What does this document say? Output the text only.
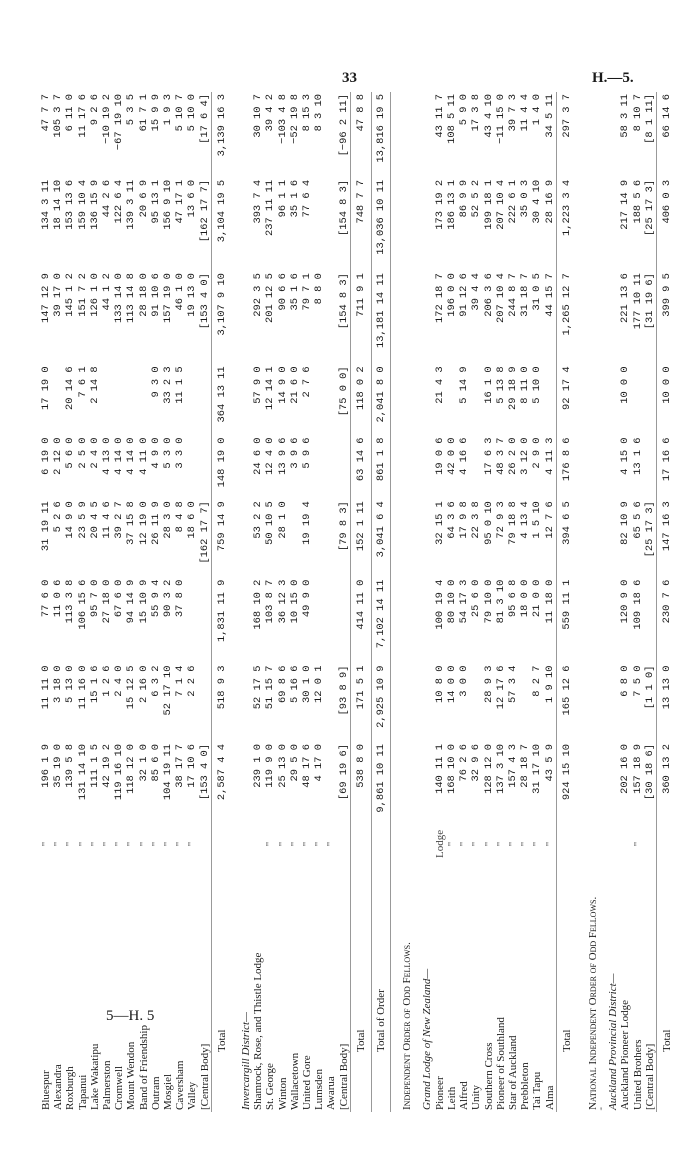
33	H.—5.
5—H. 5
'
Bluespur	"	196 1 9	11 11 0	77 6 0	31 19 11	6 19 0	17 19 0	147 12 9	134 3 11	47 7 7
Alexandra	"	35 19 0	3 18 0	11 0 6	5 2 6	2 12 0		39 17 0	18 14 10	105 3 7
Roxburgh	"	139 5 8	5 13 0	113 3 8	14 9 0	5 6 0	20 14 6	145 1 2	153 13 6	6 11 0
Tapanui	"	131 14 10	11 16 0	106 15 6	23 5 9	2 5 0	7 6 1	151 7 2	159 10 4	11 17 6
Lake Wakatipu	"	111 1 5	15 1 6	95 7 0	20 4 5	2 4 0	2 14 8	126 1 0	136 15 9	9 2 6
Palmerston	"	42 19 2	1 2 6	27 18 0	11 4 6	4 13 0		44 1 2	44 2 6	−10 19 2
Cromwell	"	119 16 10	2 4 0	67 6 0	39 2 7	4 14 0		133 14 0	122 6 4	−67 19 10
Mount Wendon	"	118 12 0	15 12 5	94 14 9	37 15 8	4 14 0		113 14 8	139 3 11	5 3 5
Band of Friendship	"	32 1 0	2 16 0	15 10 9	12 19 0	4 11 0		28 18 0	20 6 9	61 7 1
Outram	"	85 6 0	6 3 2	55 9 4	26 11 9	4 9 0	9 3 0	91 10 6	95 13 1	15 9 9
Mosgiel	"	104 19 11	52 17 10	90 3 2	28 3 0	5 3 0	33 2 3	157 19 0	156 9 10	1 9 3
Caversham	"	38 17 7	7 1 4	37 8 0	8 4 8	3 3 0	11 1 5	46 1 0	47 17 1	5 10 7
Valley	"	17 10 6	2 2 6		18 6 0			19 13 0	13 6 0	5 10 0
[Central Body]		[153 4 0]			[162 17 7]			[153 4 0]	[162 17 7]	[17 6 4]
Total		2,587 4 4	518 9 3	1,831 11 9	759 14 9	148 19 0	364 13 11	3,107 9 10	3,104 19 5	3,139 16 3
Invercargill District—										
Shamrock, Rose, and Thistle Lodge		239 1 0	52 17 5	168 10 2	53 2 2	24 6 0	57 9 0	292 3 5	393 7 4	30 10 7
St. George	"	119 9 0	51 15 7	103 8 7	50 10 5	12 4 0	12 14 1	201 12 5	237 11 11	39 4 2
Winton	"	25 13 0	69 8 6	36 12 3	28 1 0	13 9 6	14 9 0	90 6 6	96 1 1	−103 4 8
Wallacetown	"	29 5 0	5 16 6	10 15 0		3 9 6	21 6 0	35 1 6	35 1 6	−52 19 8
United Gore	"	48 17 6	30 1 0	49 9 0	19 19 4	5 9 6	2 7 6	79 7 1	77 6 4	8 15 3
Lumsden	"	4 17 0	12 0 1					8 8 0		8 3 10
Awarua	"									
[Central Body]		[69 19 6]	[93 8 9]		[79 8 3]		[75 0 0]	[154 8 3]	[154 8 3]	[−96 2 11]
Total		538 8 0	171 5 1	414 11 0	152 1 11	63 14 6	118 0 2	711 9 1	748 7 7	47 8 8
Total of Order		9,861 10 11	2,925 10 9	7,102 14 11	3,041 6 4	861 1 8	2,041 8 0	13,181 14 11	13,036 10 11	13,816 19 5
Independent Order of Odd Fellows.										
Grand Lodge of New Zealand—										
Pioneer	Lodge	140 11 1	10 8 0	100 19 4	32 15 1	19 0 6	21 4 3	172 18 7	173 19 2	43 11 7
Leith	"	168 10 0	14 0 0	80 10 0	64 3 6	42 0 0		196 0 0	186 13 1	108 5 11
Alfred	"	76 2 6	3 0 0	54 17 3	17 9 8	4 16 6	5 14 9	91 12 6	86 9 9	5 9 0
Unity	"	32 9 6		25 6 0	22 3 8			39 4 4	52 5 2	17 3 8
Southern Cross	"	128 12 0	28 9 3	79 10 0	95 0 10	17 6 3	16 1 0	206 3 6	199 18 1	43 4 10
Pioneer of Southland	"	137 3 10	12 17 6	81 3 10	72 9 3	48 3 7	5 13 8	207 10 4	207 10 4	−11 15 0
Star of Auckland	"	157 4 3	57 3 4	95 6 8	79 18 8	26 2 0	29 18 9	244 8 7	222 6 1	39 7 3
Prebbleton	"	28 18 7		18 0 0	4 13 4	3 12 0	8 11 0	31 18 7	35 0 3	11 4 4
Tai Tapu	"	31 17 10	8 2 7	21 0 0	1 5 10	2 9 0	5 10 0	31 0 5	30 4 10	1 4 0
Alma	"	43 5 9	1 9 10	11 18 0	12 7 6	4 11 3		44 15 7	28 16 9	34 5 11
Total		924 15 10	165 12 6	559 11 1	394 6 5	176 8 6	92 17 4	1,265 12 7	1,223 3 4	297 3 7
National Independent Order of Odd Fellows.										
Auckland Provincial District—										
Auckland Pioneer Lodge		202 16 0	6 8 0	120 9 0	82 10 9	4 15 0	10 0 0	221 13 6	217 14 9	58 3 11
United Brothers	"	157 18 9	7 5 0	109 18 6	65 5 6	13 1 6		177 10 11	188 5 6	8 10 7
[Central Body]		[30 18 6]	[1 1 0]		[25 17 3]			[31 19 6]	[25 17 3]	[8 1 11]
Total		360 13 2	13 13 0	230 7 6	147 16 3	17 16 6	10 0 0	399 9 5	406 0 3	66 14 6
